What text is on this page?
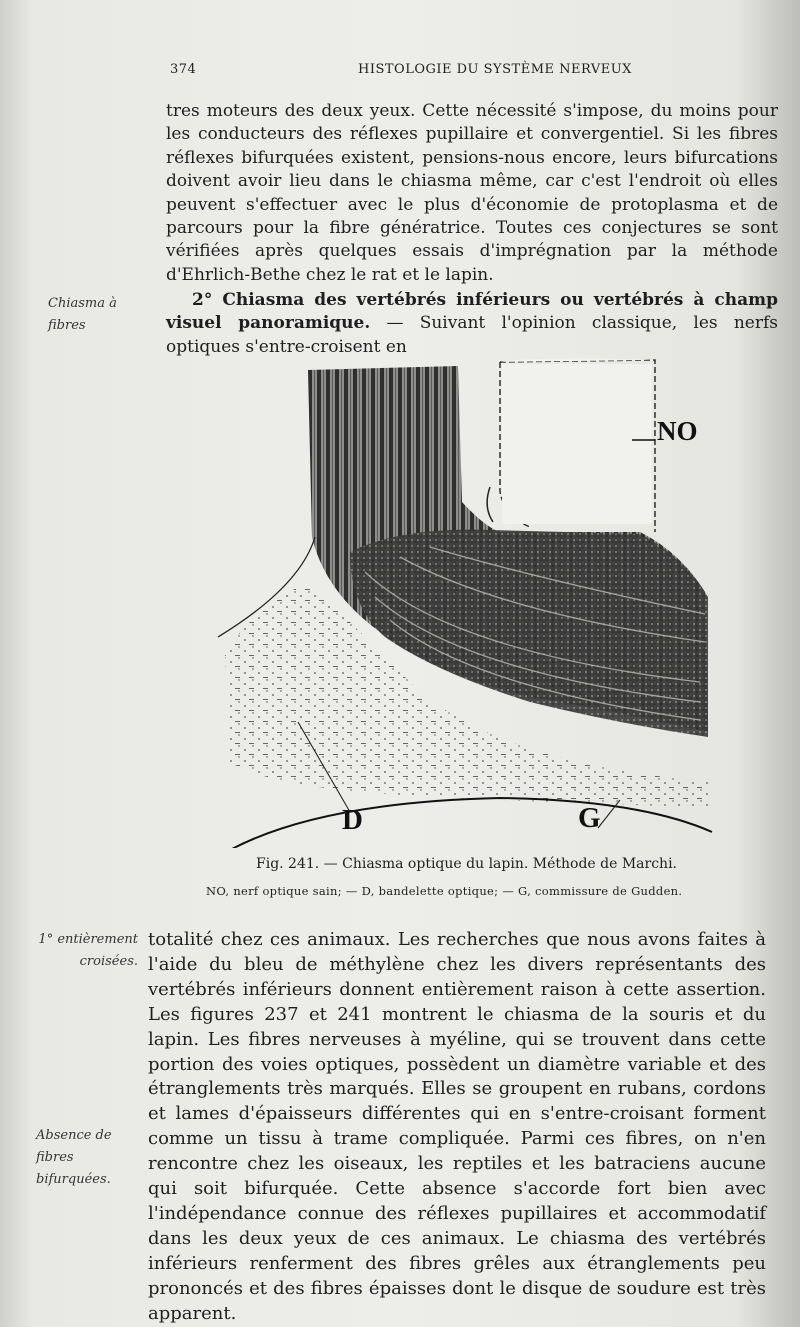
374	HISTOLOGIE DU SYSTÈME NERVEUX

tres moteurs des deux yeux. Cette nécessité s'impose, du moins pour les conducteurs des réflexes pupillaire et convergentiel. Si les fibres réflexes bifurquées existent, pensions-nous encore, leurs bifurcations doivent avoir lieu dans le chiasma même, car c'est l'endroit où elles peuvent s'effectuer avec le plus d'économie de protoplasma et de parcours pour la fibre génératrice. Toutes ces conjectures se sont vérifiées après quelques essais d'imprégnation par la méthode d'Ehrlich-Bethe chez le rat et le lapin.

Chiasma à fibres

2° Chiasma des vertébrés inférieurs ou vertébrés à champ visuel panoramique. — Suivant l'opinion classique, les nerfs optiques s'entre-croisent en

NO
D	G
Fig. 241. — Chiasma optique du lapin. Méthode de Marchi.
NO, nerf optique sain; — D, bandelette optique; — G, commissure de Gudden.
1° entièrement croisées.
Absence de fibres bifurquées.

totalité chez ces animaux. Les recherches que nous avons faites à l'aide du bleu de méthylène chez les divers représentants des vertébrés inférieurs donnent entièrement raison à cette assertion. Les figures 237 et 241 montrent le chiasma de la souris et du lapin. Les fibres nerveuses à myéline, qui se trouvent dans cette portion des voies optiques, possèdent un diamètre variable et des étranglements très marqués. Elles se groupent en rubans, cordons et lames d'épaisseurs différentes qui en s'entre-croisant forment comme un tissu à trame compliquée. Parmi ces fibres, on n'en rencontre chez les oiseaux, les reptiles et les batraciens aucune qui soit bifurquée. Cette absence s'accorde fort bien avec l'indépendance connue des réflexes pupillaires et accommodatif dans les deux yeux de ces animaux. Le chiasma des vertébrés inférieurs renferment des fibres grêles aux étranglements peu prononcés et des fibres épaisses dont le disque de soudure est très apparent.
